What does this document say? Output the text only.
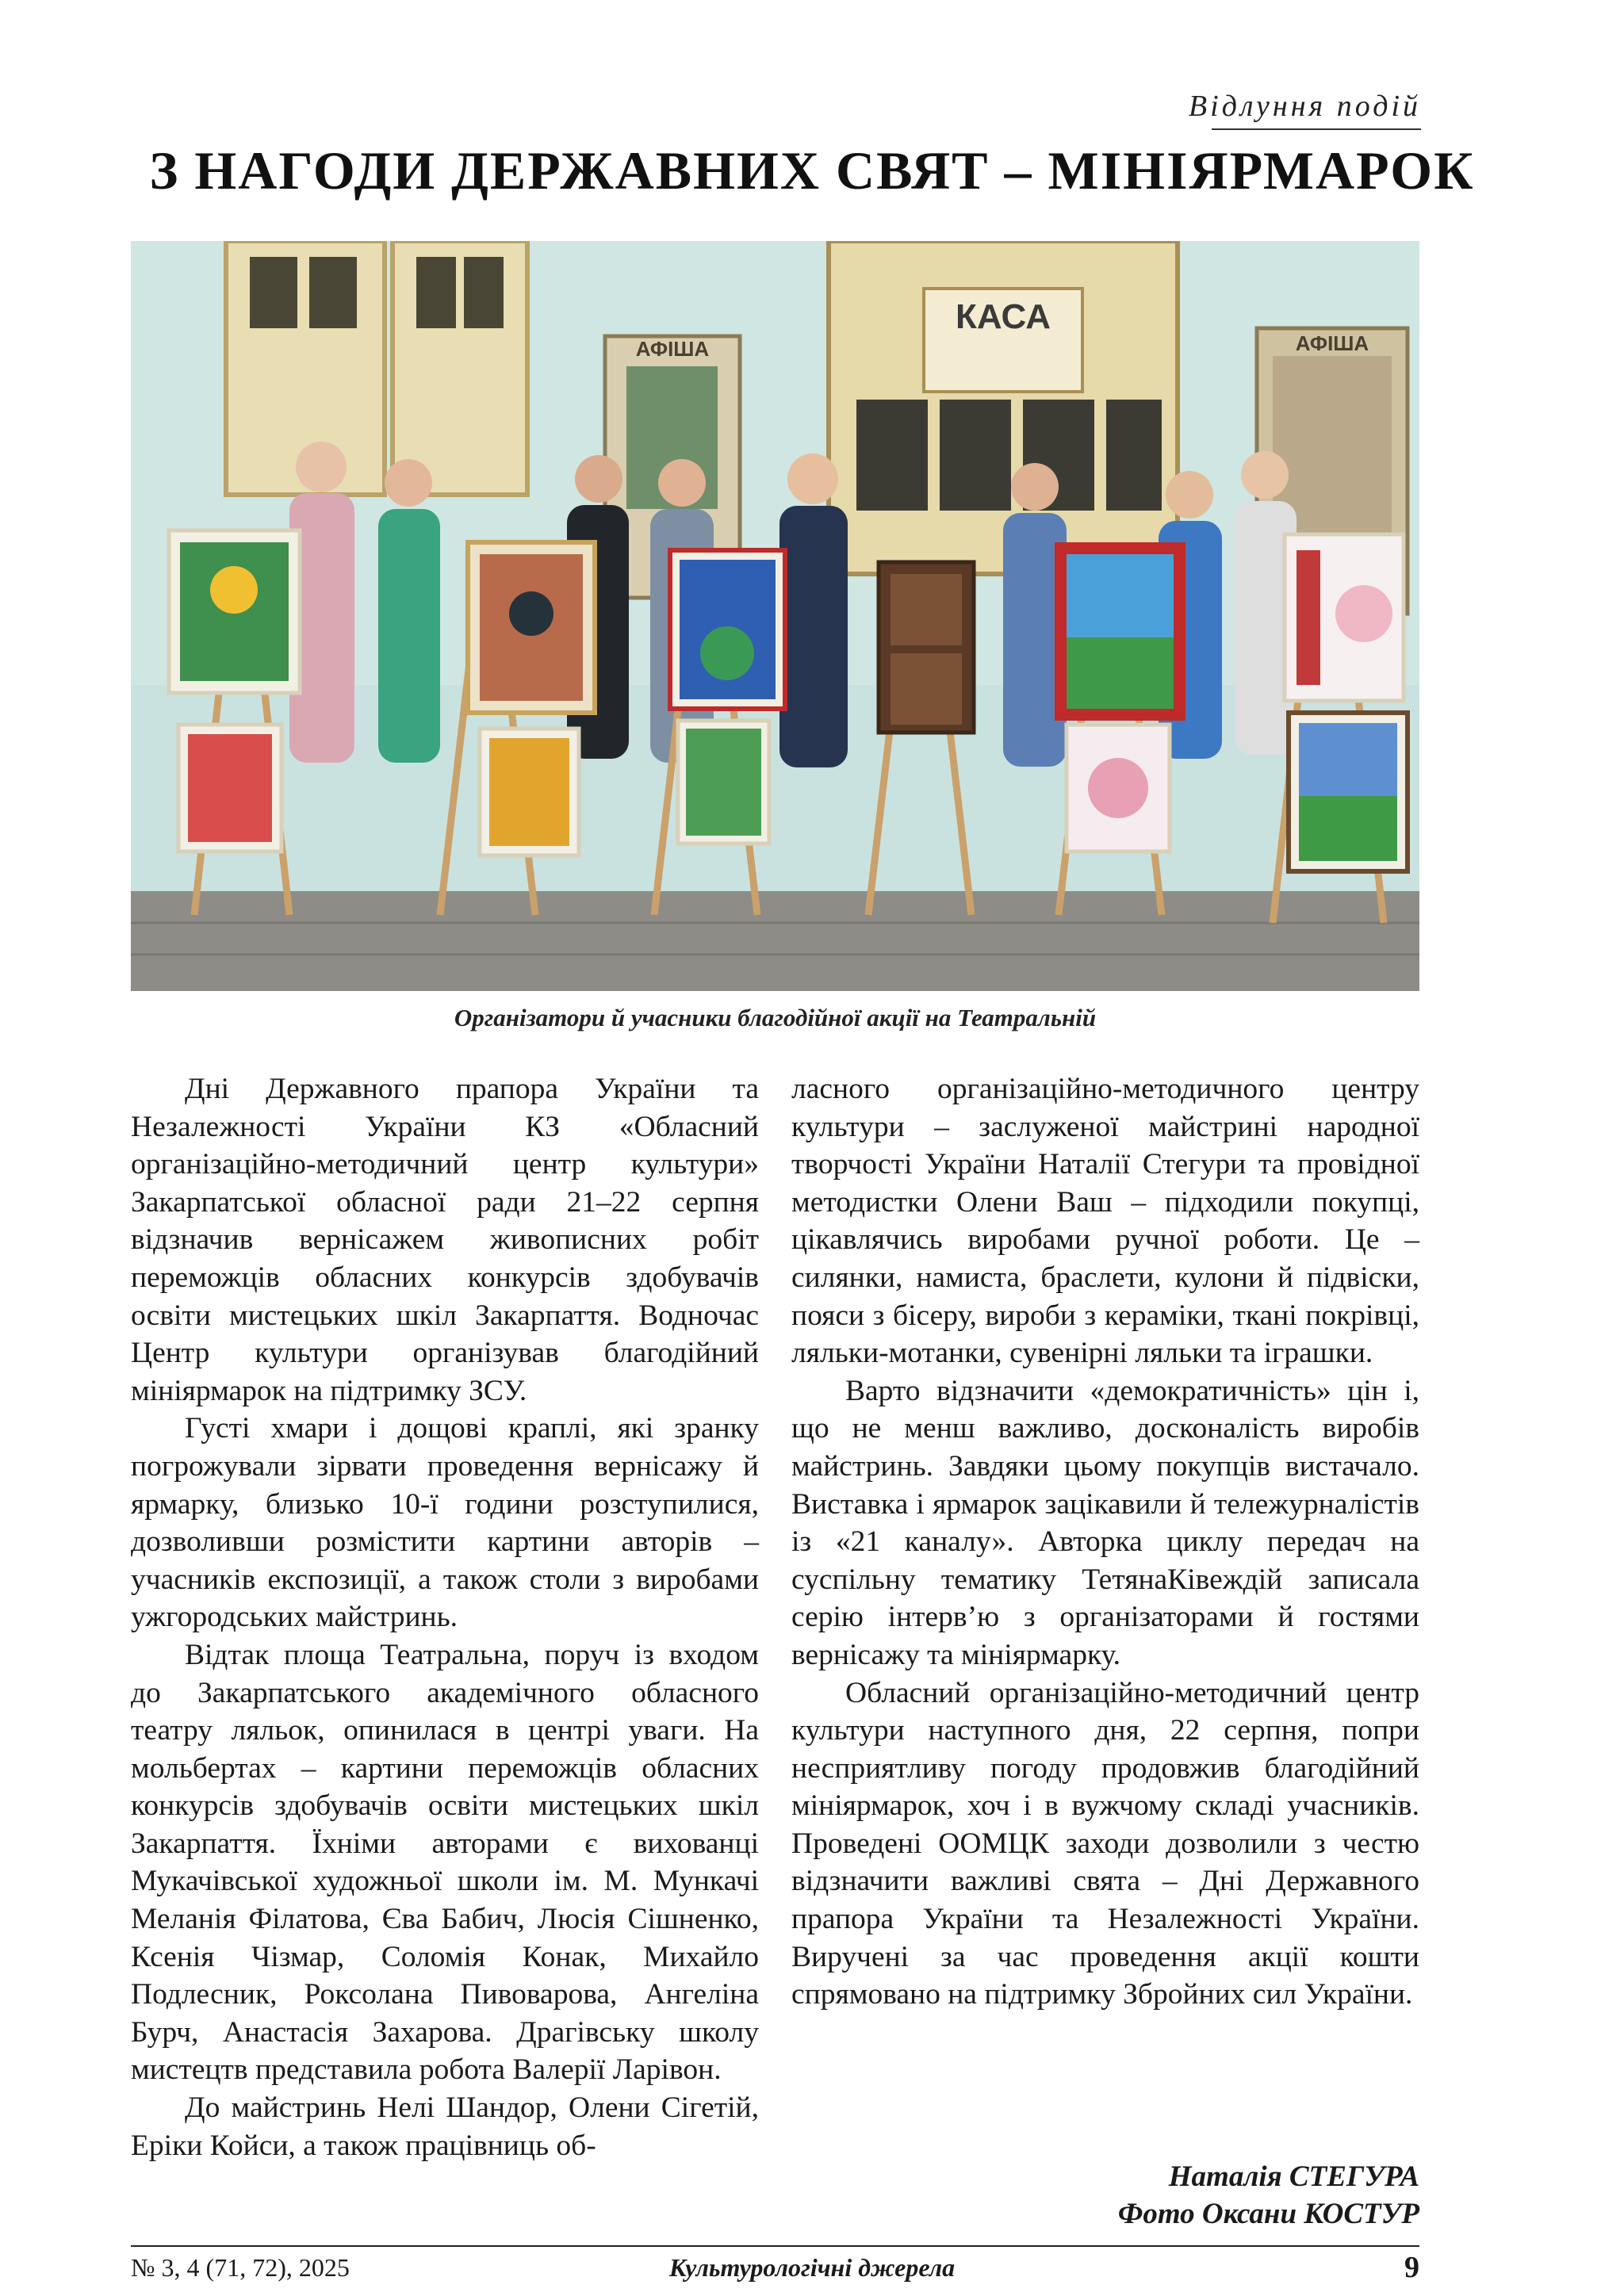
Відлуння подій
З НАГОДИ ДЕРЖАВНИХ СВЯТ – МІНІЯРМАРОК
АФІША
КАСА
АФІША
Організатори й учасники благодійної акції на Театральній

Дні Державного прапора України та Незалежності України КЗ «Обласний організаційно-методичний центр культури» Закарпатської обласної ради 21–22 серпня відзначив вернісажем живописних робіт переможців обласних конкурсів здобувачів освіти мистецьких шкіл Закарпаття. Водночас Центр культури організував благодійний мініярмарок на підтримку ЗСУ.

Густі хмари і дощові краплі, які зранку погрожували зірвати проведення вернісажу й ярмарку, близько 10-ї години розступилися, дозволивши розмістити картини авторів – учасників експозиції, а також столи з виробами ужгородських майстринь.

Відтак площа Театральна, поруч із входом до Закарпатського академічного обласного театру ляльок, опинилася в центрі уваги. На мольбертах – картини переможців обласних конкурсів здобувачів освіти мистецьких шкіл Закарпаття. Їхніми авторами є вихованці Мукачівської художньої школи ім. М. Мункачі Меланія Філатова, Єва Бабич, Люсія Сішненко, Ксенія Чізмар, Соломія Конак, Михайло Подлесник, Роксолана Пивоварова, Ангеліна Бурч, Анастасія Захарова. Драгівську школу мистецтв представила робота Валерії Ларівон.

До майстринь Нелі Шандор, Олени Сігетій, Еріки Койси, а також працівниць об-

ласного організаційно-методичного центру культури – заслуженої майстрині народної творчості України Наталії Стегури та провідної методистки Олени Ваш – підходили покупці, цікавлячись виробами ручної роботи. Це – силянки, намиста, браслети, кулони й підвіски, пояси з бісеру, вироби з кераміки, ткані покрівці, ляльки-мотанки, сувенірні ляльки та іграшки.

Варто відзначити «демократичність» цін і, що не менш важливо, досконалість виробів майстринь. Завдяки цьому покупців вистачало. Виставка і ярмарок зацікавили й тележурналістів із «21 каналу». Авторка циклу передач на суспільну тематику ТетянаКівеждій записала серію інтерв’ю з організаторами й гостями вернісажу та мініярмарку.

Обласний організаційно-методичний центр культури наступного дня, 22 серпня, попри несприятливу погоду продовжив благодійний мініярмарок, хоч і в вужчому складі учасників. Проведені ООМЦК заходи дозволили з честю відзначити важливі свята – Дні Державного прапора України та Незалежності України. Виручені за час проведення акції кошти спрямовано на підтримку Збройних сил України.

Наталія СТЕГУРА
Фото Оксани КОСТУР
№ 3, 4 (71, 72), 2025	Культурологічні джерела	9
